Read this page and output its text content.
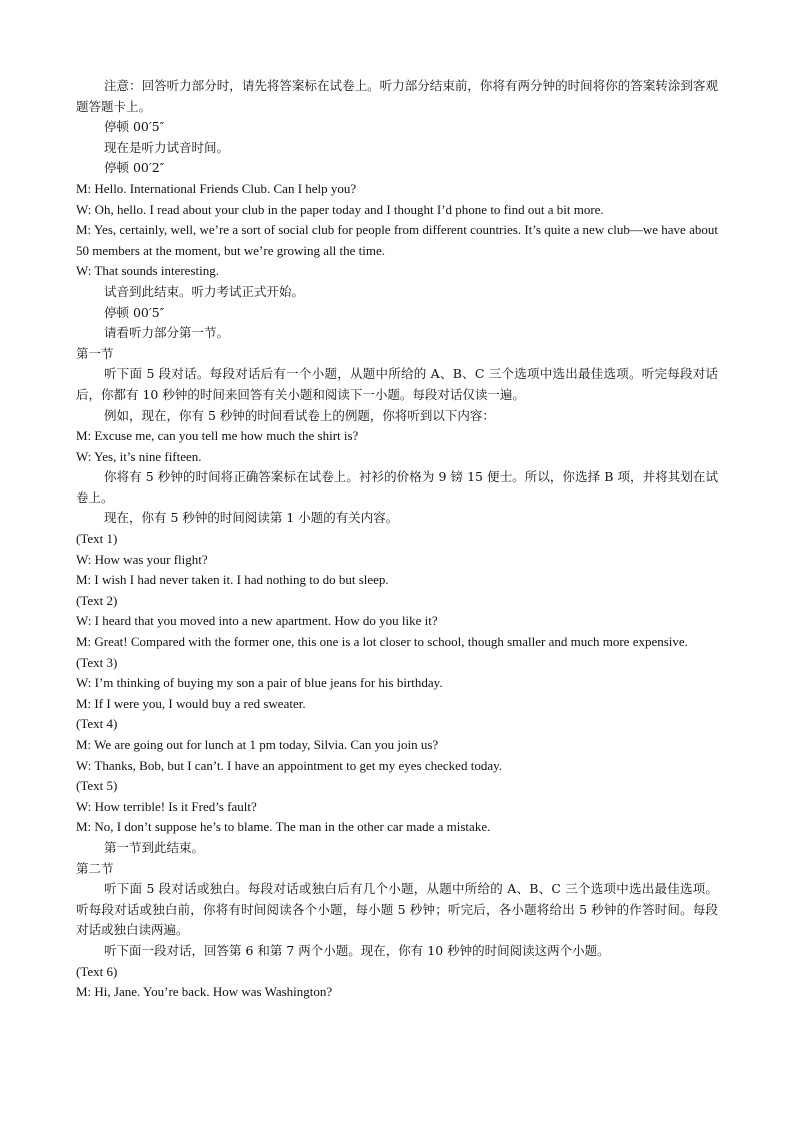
注意：回答听力部分时，请先将答案标在试卷上。听力部分结束前，你将有两分钟的时间将你的答案转涂到客观题答题卡上。
停顿 00′5″
现在是听力试音时间。
停顿 00′2″
M: Hello. International Friends Club. Can I help you?
W: Oh, hello. I read about your club in the paper today and I thought I’d phone to find out a bit more.
M: Yes, certainly, well, we’re a sort of social club for people from different countries. It’s quite a new club—we have about 50 members at the moment, but we’re growing all the time.
W: That sounds interesting.
试音到此结束。听力考试正式开始。
停顿 00′5″
请看听力部分第一节。
第一节
听下面 5 段对话。每段对话后有一个小题，从题中所给的 A、B、C 三个选项中选出最佳选项。听完每段对话后，你都有 10 秒钟的时间来回答有关小题和阅读下一小题。每段对话仅读一遍。
例如，现在，你有 5 秒钟的时间看试卷上的例题，你将听到以下内容：
M: Excuse me, can you tell me how much the shirt is?
W: Yes, it’s nine fifteen.
你将有 5 秒钟的时间将正确答案标在试卷上。衬衫的价格为 9 镑 15 便士。所以，你选择 B 项，并将其划在试卷上。
现在，你有 5 秒钟的时间阅读第 1 小题的有关内容。
(Text 1)
W: How was your flight?
M: I wish I had never taken it. I had nothing to do but sleep.
(Text 2)
W: I heard that you moved into a new apartment. How do you like it?
M: Great! Compared with the former one, this one is a lot closer to school, though smaller and much more expensive.
(Text 3)
W: I’m thinking of buying my son a pair of blue jeans for his birthday.
M: If I were you, I would buy a red sweater.
(Text 4)
M: We are going out for lunch at 1 pm today, Silvia. Can you join us?
W: Thanks, Bob, but I can’t. I have an appointment to get my eyes checked today.
(Text 5)
W: How terrible! Is it Fred’s fault?
M: No, I don’t suppose he’s to blame. The man in the other car made a mistake.
第一节到此结束。
第二节
听下面 5 段对话或独白。每段对话或独白后有几个小题，从题中所给的 A、B、C 三个选项中选出最佳选项。听每段对话或独白前，你将有时间阅读各个小题，每小题 5 秒钟；听完后，各小题将给出 5 秒钟的作答时间。每段对话或独白读两遍。
听下面一段对话，回答第 6 和第 7 两个小题。现在，你有 10 秒钟的时间阅读这两个小题。
(Text 6)
M: Hi, Jane. You’re back. How was Washington?
